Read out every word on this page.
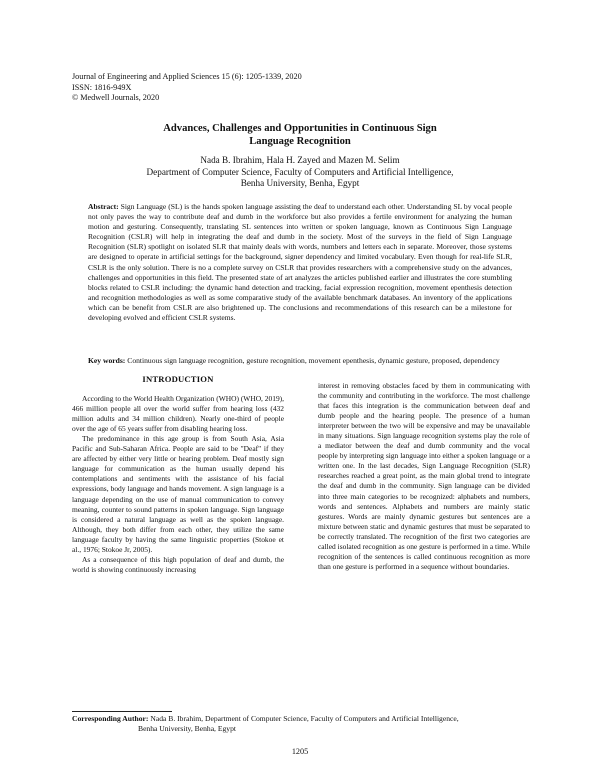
Journal of Engineering and Applied Sciences 15 (6): 1205-1339, 2020
ISSN: 1816-949X
© Medwell Journals, 2020
Advances, Challenges and Opportunities in Continuous Sign
Language Recognition
Nada B. Ibrahim, Hala H. Zayed and Mazen M. Selim
Department of Computer Science, Faculty of Computers and Artificial Intelligence,
Benha University, Benha, Egypt

Abstract: Sign Language (SL) is the hands spoken language assisting the deaf to understand each other. Understanding SL by vocal people not only paves the way to contribute deaf and dumb in the workforce but also provides a fertile environment for analyzing the human motion and gesturing. Consequently, translating SL sentences into written or spoken language, known as Continuous Sign Language Recognition (CSLR) will help in integrating the deaf and dumb in the society. Most of the surveys in the field of Sign Language Recognition (SLR) spotlight on isolated SLR that mainly deals with words, numbers and letters each in separate. Moreover, those systems are designed to operate in artificial settings for the background, signer dependency and limited vocabulary. Even though for real-life SLR, CSLR is the only solution. There is no a complete survey on CSLR that provides researchers with a comprehensive study on the advances, challenges and opportunities in this field. The presented state of art analyzes the articles published earlier and illustrates the core stumbling blocks related to CSLR including: the dynamic hand detection and tracking, facial expression recognition, movement epenthesis detection and recognition methodologies as well as some comparative study of the available benchmark databases. An inventory of the applications which can be benefit from CSLR are also brightened up. The conclusions and recommendations of this research can be a milestone for developing evolved and efficient CSLR systems.

Key words: Continuous sign language recognition, gesture recognition, movement epenthesis, dynamic gesture, proposed, dependency

INTRODUCTION

According to the World Health Organization (WHO) (WHO, 2019), 466 million people all over the world suffer from hearing loss (432 million adults and 34 million children). Nearly one-third of people over the age of 65 years suffer from disabling hearing loss.

The predominance in this age group is from South Asia, Asia Pacific and Sub-Saharan Africa. People are said to be "Deaf" if they are affected by either very little or hearing problem. Deaf mostly sign language for communication as the human usually depend his contemplations and sentiments with the assistance of his facial expressions, body language and hands movement. A sign language is a language depending on the use of manual communication to convey meaning, counter to sound patterns in spoken language. Sign language is considered a natural language as well as the spoken language. Although, they both differ from each other, they utilize the same language faculty by having the same linguistic properties (Stokoe et al., 1976; Stokoe Jr, 2005).

As a consequence of this high population of deaf and dumb, the world is showing continuously increasing

interest in removing obstacles faced by them in communicating with the community and contributing in the workforce. The most challenge that faces this integration is the communication between deaf and dumb people and the hearing people. The presence of a human interpreter between the two will be expensive and may be unavailable in many situations. Sign language recognition systems play the role of a mediator between the deaf and dumb community and the vocal people by interpreting sign language into either a spoken language or a written one. In the last decades, Sign Language Recognition (SLR) researches reached a great point, as the main global trend to integrate the deaf and dumb in the community. Sign language can be divided into three main categories to be recognized: alphabets and numbers, words and sentences. Alphabets and numbers are mainly static gestures. Words are mainly dynamic gestures but sentences are a mixture between static and dynamic gestures that must be separated to be correctly translated. The recognition of the first two categories are called isolated recognition as one gesture is performed in a time. While recognition of the sentences is called continuous recognition as more than one gesture is performed in a sequence without boundaries.

Corresponding Author: Nada B. Ibrahim, Department of Computer Science, Faculty of Computers and Artificial Intelligence,
Benha University, Benha, Egypt
1205
